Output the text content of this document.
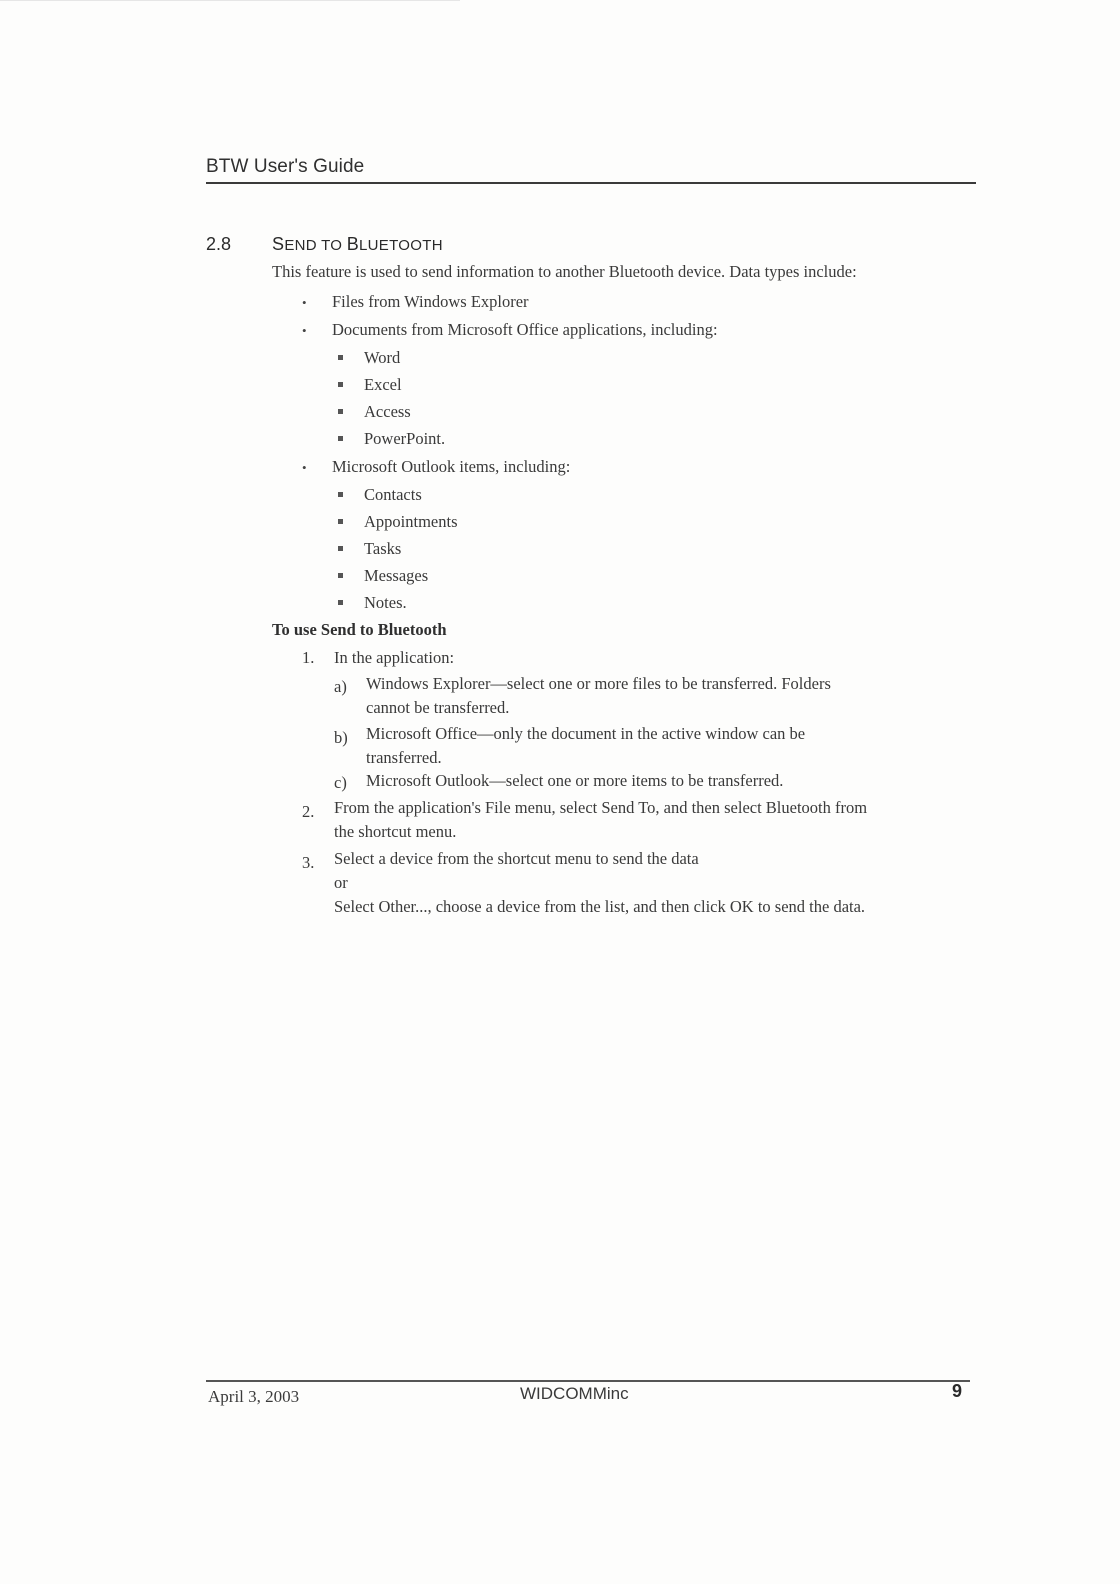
BTW User's Guide
2.8 SEND TO BLUETOOTH
This feature is used to send information to another Bluetooth device. Data types include:
•	Files from Windows Explorer
•	Documents from Microsoft Office applications, including:
Word
Excel
Access
PowerPoint.
•	Microsoft Outlook items, including:
Contacts
Appointments
Tasks
Messages
Notes.
To use Send to Bluetooth
1. In the application:
a) Windows Explorer—select one or more files to be transferred. Folders
cannot be transferred.
b) Microsoft Office—only the document in the active window can be
transferred.
c) Microsoft Outlook—select one or more items to be transferred.
2. From the application's File menu, select Send To, and then select Bluetooth from
the shortcut menu.
3. Select a device from the shortcut menu to send the data
or
Select Other..., choose a device from the list, and then click OK to send the data.
April 3, 2003	WIDCOMMinc	9
